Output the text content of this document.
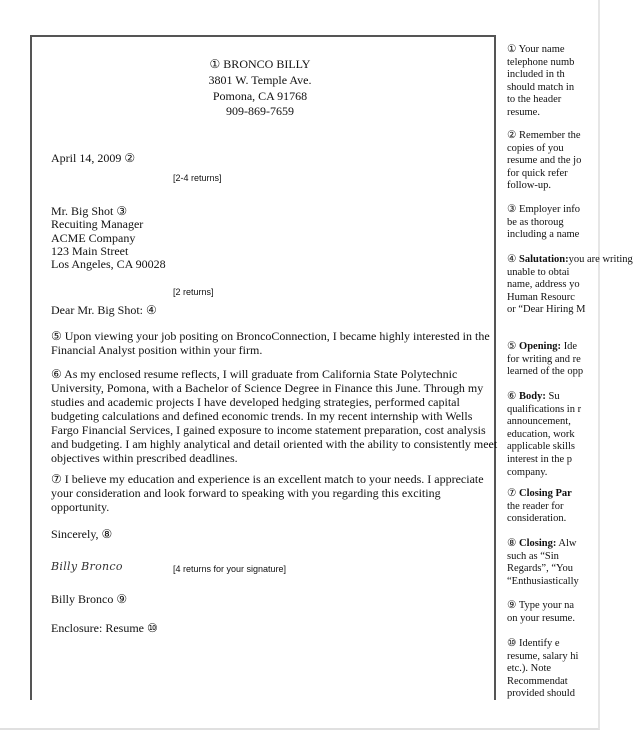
① BRONCO BILLY
3801 W. Temple Ave.
Pomona, CA 91768
909-869-7659
April 14, 2009 ②
[2-4 returns]
Mr. Big Shot ③
Recuiting Manager
ACME Company
123 Main Street
Los Angeles, CA 90028
[2 returns]
Dear Mr. Big Shot: ④
⑤ Upon viewing your job positing on BroncoConnection, I became highly interested in the
Financial Analyst position within your firm.
⑥ As my enclosed resume reflects, I will graduate from California State Polytechnic
University, Pomona, with a Bachelor of Science Degree in Finance this June. Through my
studies and academic projects I have developed hedging strategies, performed capital
budgeting calculations and defined economic trends. In my recent internship with Wells
Fargo Financial Services, I gained exposure to income statement preparation, cost analysis
and budgeting. I am highly analytical and detail oriented with the ability to consistently meet
objectives within prescribed deadlines.
⑦ I believe my education and experience is an excellent match to your needs. I appreciate
your consideration and look forward to speaking with you regarding this exciting
opportunity.
Sincerely, ⑧
Billy Bronco	[4 returns for your signature]
Billy Bronco ⑨
Enclosure: Resume ⑩
① Your name
telephone numb
included in th
should match in
to the header
resume.
② Remember the
copies of you
resume and the jo
for quick refer
follow-up.
③ Employer info
be as thoroug
including a name
④ Salutation:you are writing
unable to obtai
name, address yo
Human Resourc
or “Dear Hiring M
⑤ Opening: Ide
for writing and re
learned of the opp
⑥ Body: Su
qualifications in r
announcement,
education, work
applicable skills
interest in the p
company.
⑦ Closing Par
the reader for
consideration.
⑧ Closing: Alw
such as “Sin
Regards”, “You
“Enthusiastically
⑨ Type your na
on your resume.
⑩ Identify e
resume, salary hi
etc.). Note
Recommendat
provided should
